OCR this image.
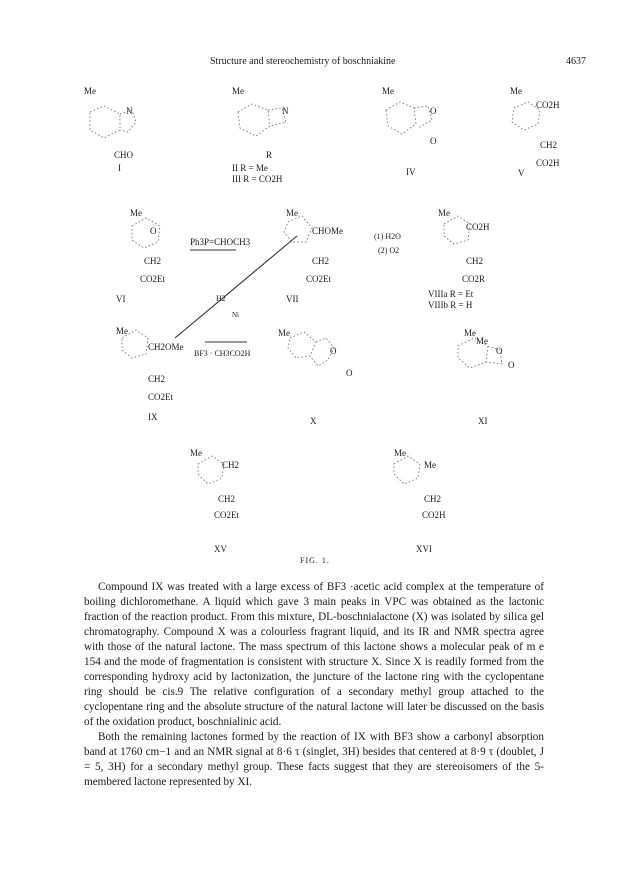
Structure and stereochemistry of boschniakine	4637
Me
N
CHO
I
Me
N
R
II R = Me
III R = CO2H
Me
O
O
IV
Me
CO2H
CH2
CO2H
V
Me
O
CH2
CO2Et
VI
Ph3P=CHOCH3
Me
CHOMe
CH2
CO2Et
VII
(1) H2O
(2) O2
Me
CO2H
CH2
CO2R
VIIIa R = Et
VIIIb R = H
H2
Ni
Me
CH2OMe
CH2
CO2Et
IX
BF3 · CH3CO2H
Me
O
O
X
Me
Me
O
O
XI
Me
CH2
CH2
CO2Et
XV
Me
Me
CH2
CO2H
XVI
FIG. 1.

Compound IX was treated with a large excess of BF3 ·acetic acid complex at the temperature of boiling dichloromethane. A liquid which gave 3 main peaks in VPC was obtained as the lactonic fraction of the reaction product. From this mixture, DL-boschnialactone (X) was isolated by silica gel chromatography. Compound X was a colourless fragrant liquid, and its IR and NMR spectra agree with those of the natural lactone. The mass spectrum of this lactone shows a molecular peak of m e 154 and the mode of fragmentation is consistent with structure X. Since X is readily formed from the corresponding hydroxy acid by lactonization, the juncture of the lactone ring with the cyclopentane ring should be cis.9 The relative configuration of a secondary methyl group attached to the cyclopentane ring and the absolute structure of the natural lactone will later be discussed on the basis of the oxidation product, boschnialinic acid.

Both the remaining lactones formed by the reaction of IX with BF3 show a carbonyl absorption band at 1760 cm−1 and an NMR signal at 8·6 τ (singlet, 3H) besides that centered at 8·9 τ (doublet, J = 5, 3H) for a secondary methyl group. These facts suggest that they are stereoisomers of the 5-membered lactone represented by XI.
